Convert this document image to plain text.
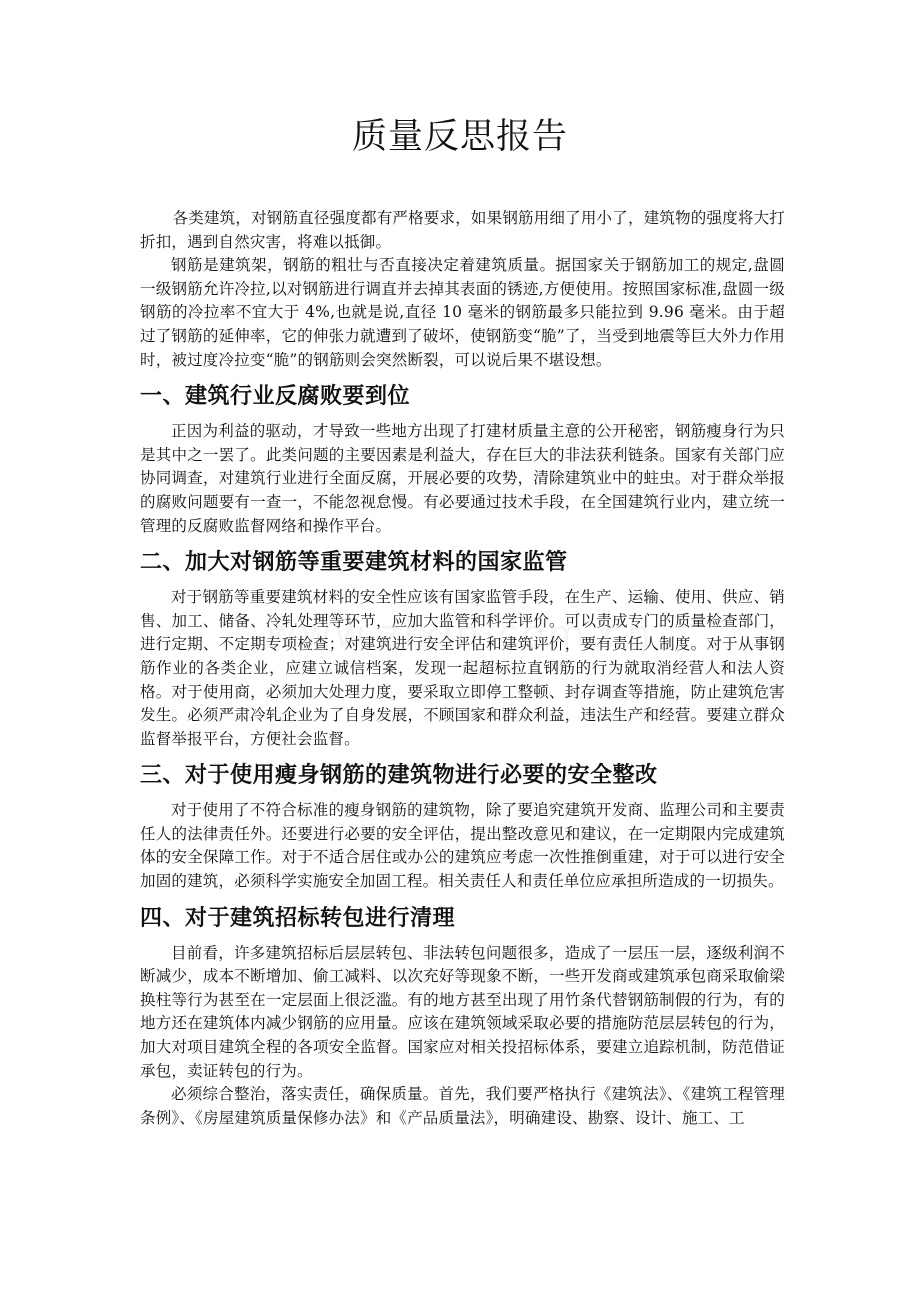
质量反思报告

各类建筑，对钢筋直径强度都有严格要求，如果钢筋用细了用小了，建筑物的强度将大打折扣，遇到自然灾害，将难以抵御。

钢筋是建筑架，钢筋的粗壮与否直接决定着建筑质量。据国家关于钢筋加工的规定,盘圆一级钢筋允许冷拉,以对钢筋进行调直并去掉其表面的锈迹,方便使用。按照国家标准,盘圆一级钢筋的冷拉率不宜大于 4%,也就是说,直径 10 毫米的钢筋最多只能拉到 9.96 毫米。由于超过了钢筋的延伸率，它的伸张力就遭到了破坏，使钢筋变“脆”了，当受到地震等巨大外力作用时，被过度冷拉变“脆”的钢筋则会突然断裂，可以说后果不堪设想。

一、建筑行业反腐败要到位

正因为利益的驱动，才导致一些地方出现了打建材质量主意的公开秘密，钢筋瘦身行为只是其中之一罢了。此类问题的主要因素是利益大，存在巨大的非法获利链条。国家有关部门应协同调查，对建筑行业进行全面反腐，开展必要的攻势，清除建筑业中的蛀虫。对于群众举报的腐败问题要有一查一，不能忽视怠慢。有必要通过技术手段，在全国建筑行业内，建立统一管理的反腐败监督网络和操作平台。

二、加大对钢筋等重要建筑材料的国家监管

对于钢筋等重要建筑材料的安全性应该有国家监管手段，在生产、运输、使用、供应、销售、加工、储备、冷轧处理等环节，应加大监管和科学评价。可以责成专门的质量检查部门，进行定期、不定期专项检查；对建筑进行安全评估和建筑评价，要有责任人制度。对于从事钢筋作业的各类企业，应建立诚信档案，发现一起超标拉直钢筋的行为就取消经营人和法人资格。对于使用商，必须加大处理力度，要采取立即停工整顿、封存调查等措施，防止建筑危害发生。必须严肃冷轧企业为了自身发展，不顾国家和群众利益，违法生产和经营。要建立群众监督举报平台，方便社会监督。

三、对于使用瘦身钢筋的建筑物进行必要的安全整改

对于使用了不符合标准的瘦身钢筋的建筑物，除了要追究建筑开发商、监理公司和主要责任人的法律责任外。还要进行必要的安全评估，提出整改意见和建议，在一定期限内完成建筑体的安全保障工作。对于不适合居住或办公的建筑应考虑一次性推倒重建，对于可以进行安全加固的建筑，必须科学实施安全加固工程。相关责任人和责任单位应承担所造成的一切损失。

四、对于建筑招标转包进行清理

目前看，许多建筑招标后层层转包、非法转包问题很多，造成了一层压一层，逐级利润不断减少，成本不断增加、偷工减料、以次充好等现象不断，一些开发商或建筑承包商采取偷梁换柱等行为甚至在一定层面上很泛滥。有的地方甚至出现了用竹条代替钢筋制假的行为，有的地方还在建筑体内减少钢筋的应用量。应该在建筑领域采取必要的措施防范层层转包的行为，加大对项目建筑全程的各项安全监督。国家应对相关投招标体系，要建立追踪机制，防范借证承包，卖证转包的行为。

必须综合整治，落实责任，确保质量。首先，我们要严格执行《建筑法》、《建筑工程管理条例》、《房屋建筑质量保修办法》和《产品质量法》，明确建设、勘察、设计、施工、工
